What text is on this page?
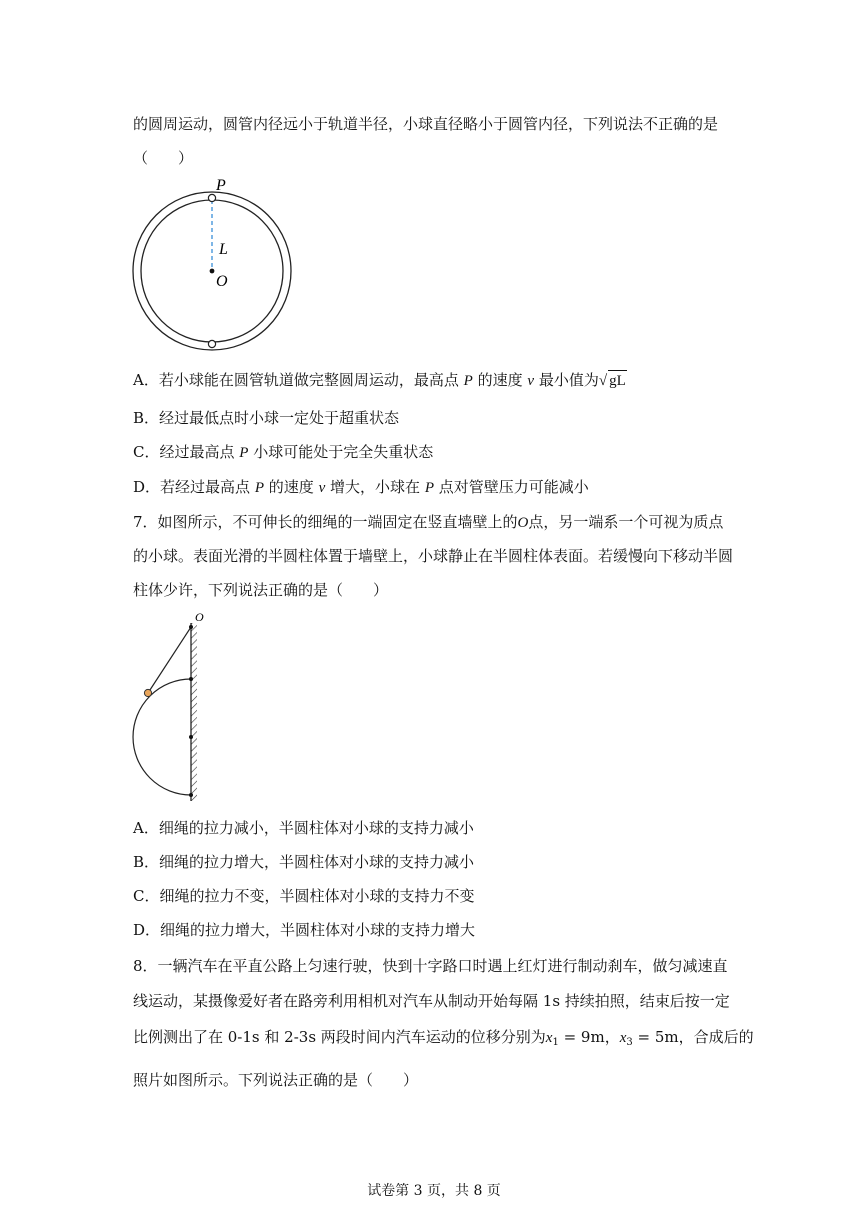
的圆周运动，圆管内径远小于轨道半径，小球直径略小于圆管内径，下列说法不正确的是
（　　）
P
L
O
A．若小球能在圆管轨道做完整圆周运动，最高点 P 的速度 v 最小值为√ gL
B．经过最低点时小球一定处于超重状态
C．经过最高点 P 小球可能处于完全失重状态
D．若经过最高点 P 的速度 v 增大，小球在 P 点对管壁压力可能减小
7．如图所示，不可伸长的细绳的一端固定在竖直墙壁上的O点，另一端系一个可视为质点
的小球。表面光滑的半圆柱体置于墙壁上，小球静止在半圆柱体表面。若缓慢向下移动半圆
柱体少许，下列说法正确的是（　　）
O
A．细绳的拉力减小，半圆柱体对小球的支持力减小
B．细绳的拉力增大，半圆柱体对小球的支持力减小
C．细绳的拉力不变，半圆柱体对小球的支持力不变
D．细绳的拉力增大，半圆柱体对小球的支持力增大
8．一辆汽车在平直公路上匀速行驶，快到十字路口时遇上红灯进行制动刹车，做匀减速直
线运动，某摄像爱好者在路旁利用相机对汽车从制动开始每隔 1s 持续拍照，结束后按一定
比例测出了在 0-1s 和 2-3s 两段时间内汽车运动的位移分别为$x_1 = 9m$，$x_3 = 5m$，合成后的
照片如图所示。下列说法正确的是（　　）
试卷第 3 页，共 8 页
